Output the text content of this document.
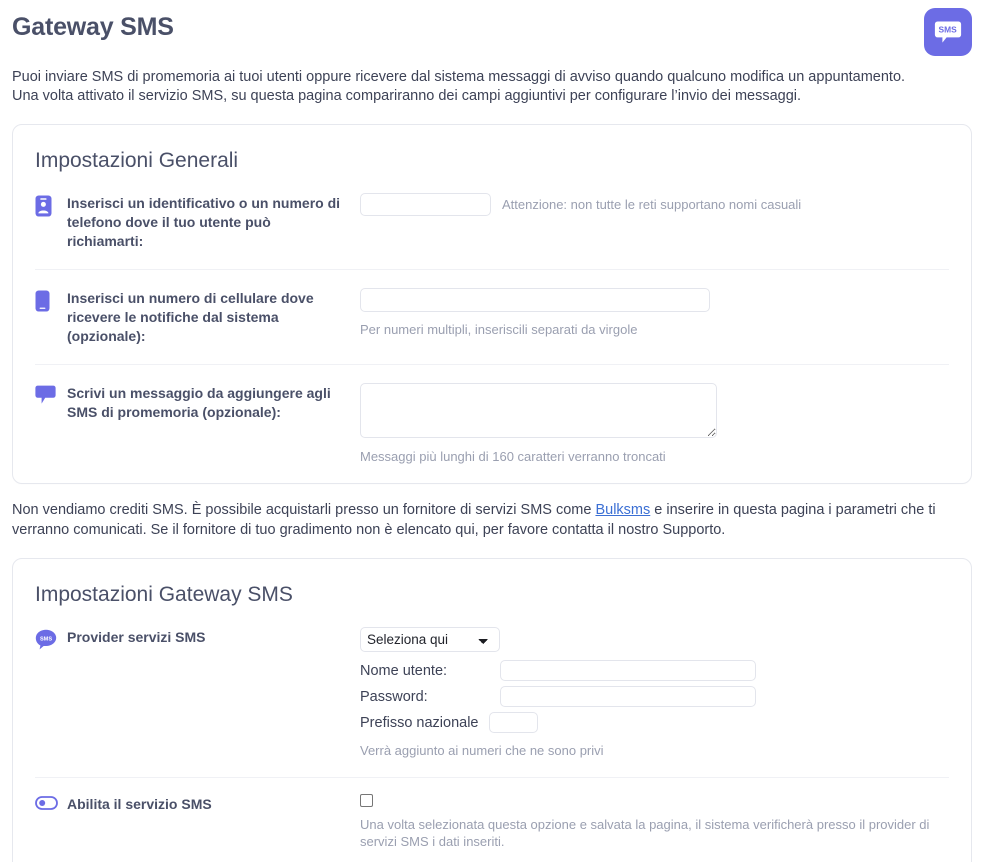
Gateway SMS	SMS

Puoi inviare SMS di promemoria ai tuoi utenti oppure ricevere dal sistema messaggi di avviso quando qualcuno modifica un appuntamento.
Una volta attivato il servizio SMS, su questa pagina compariranno dei campi aggiuntivi per configurare l’invio dei messaggi.

Impostazioni Generali
Inserisci un identificativo o un numero di telefono dove il tuo utente può richiamarti:
Attenzione: non tutte le reti supportano nomi casuali
Inserisci un numero di cellulare dove ricevere le notifiche dal sistema (opzionale):	Per numeri multipli, inseriscili separati da virgole
Scrivi un messaggio da aggiungere agli SMS di promemoria (opzionale):
Messaggi più lunghi di 160 caratteri verranno troncati

Non vendiamo crediti SMS. È possibile acquistarli presso un fornitore di servizi SMS come Bulksms e inserire in questa pagina i parametri che ti verranno comunicati. Se il fornitore di tuo gradimento non è elencato qui, per favore contatta il nostro Supporto.

Impostazioni Gateway SMS
SMS Provider servizi SMS
Seleziona qui
Nome utente:
Password:
Prefisso nazionale
Verrà aggiunto ai numeri che ne sono privi
Abilita il servizio SMS
Una volta selezionata questa opzione e salvata la pagina, il sistema verificherà presso il provider di servizi SMS i dati inseriti.
